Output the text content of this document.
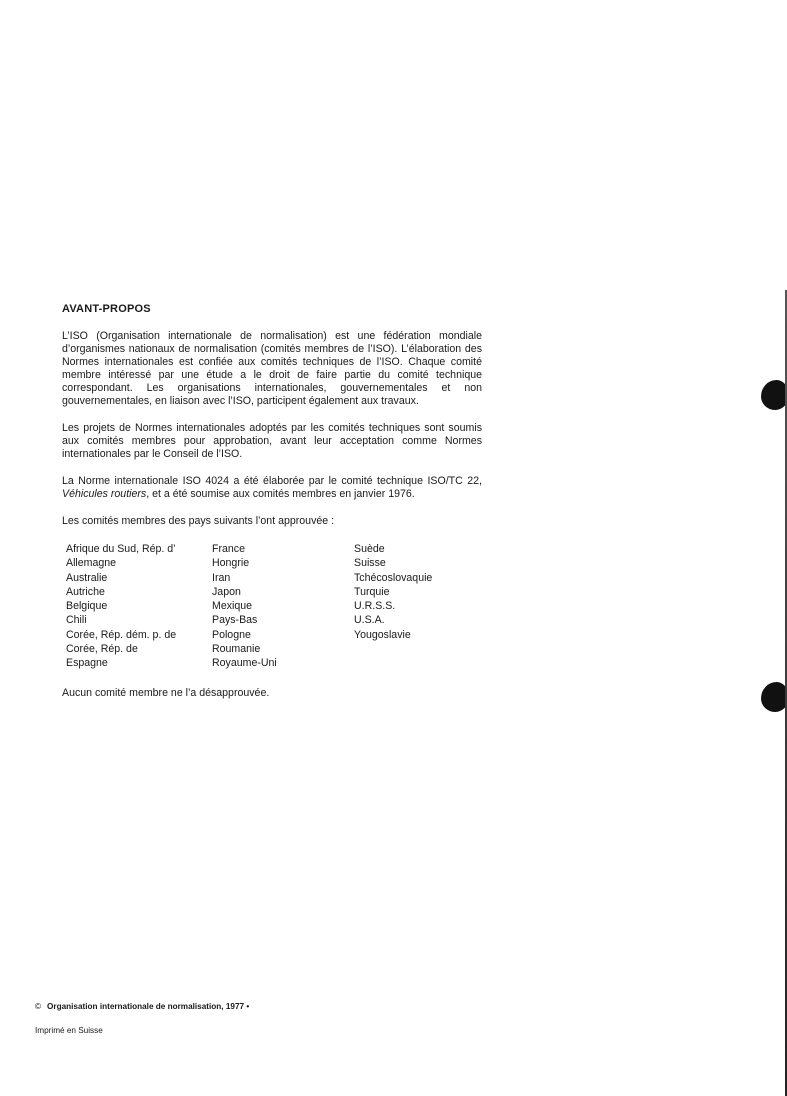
AVANT-PROPOS

L’ISO (Organisation internationale de normalisation) est une fédération mondiale d’organismes nationaux de normalisation (comités membres de l’ISO). L’élaboration des Normes internationales est confiée aux comités techniques de l’ISO. Chaque comité membre intéressé par une étude a le droit de faire partie du comité technique correspondant. Les organisations internationales, gouvernementales et non gouvernementales, en liaison avec l’ISO, participent également aux travaux.

Les projets de Normes internationales adoptés par les comités techniques sont soumis aux comités membres pour approbation, avant leur acceptation comme Normes internationales par le Conseil de l’ISO.

La Norme internationale ISO 4024 a été élaborée par le comité technique ISO/TC 22, Véhicules routiers, et a été soumise aux comités membres en janvier 1976.

Les comités membres des pays suivants l’ont approuvée :

Afrique du Sud, Rép. d’
Allemagne
Australie
Autriche
Belgique
Chili
Corée, Rép. dém. p. de
Corée, Rép. de
Espagne
France
Hongrie
Iran
Japon
Mexique
Pays-Bas
Pologne
Roumanie
Royaume-Uni
Suède
Suisse
Tchécoslovaquie
Turquie
U.R.S.S.
U.S.A.
Yougoslavie

Aucun comité membre ne l’a désapprouvée.

© Organisation internationale de normalisation, 1977 •
Imprimé en Suisse
